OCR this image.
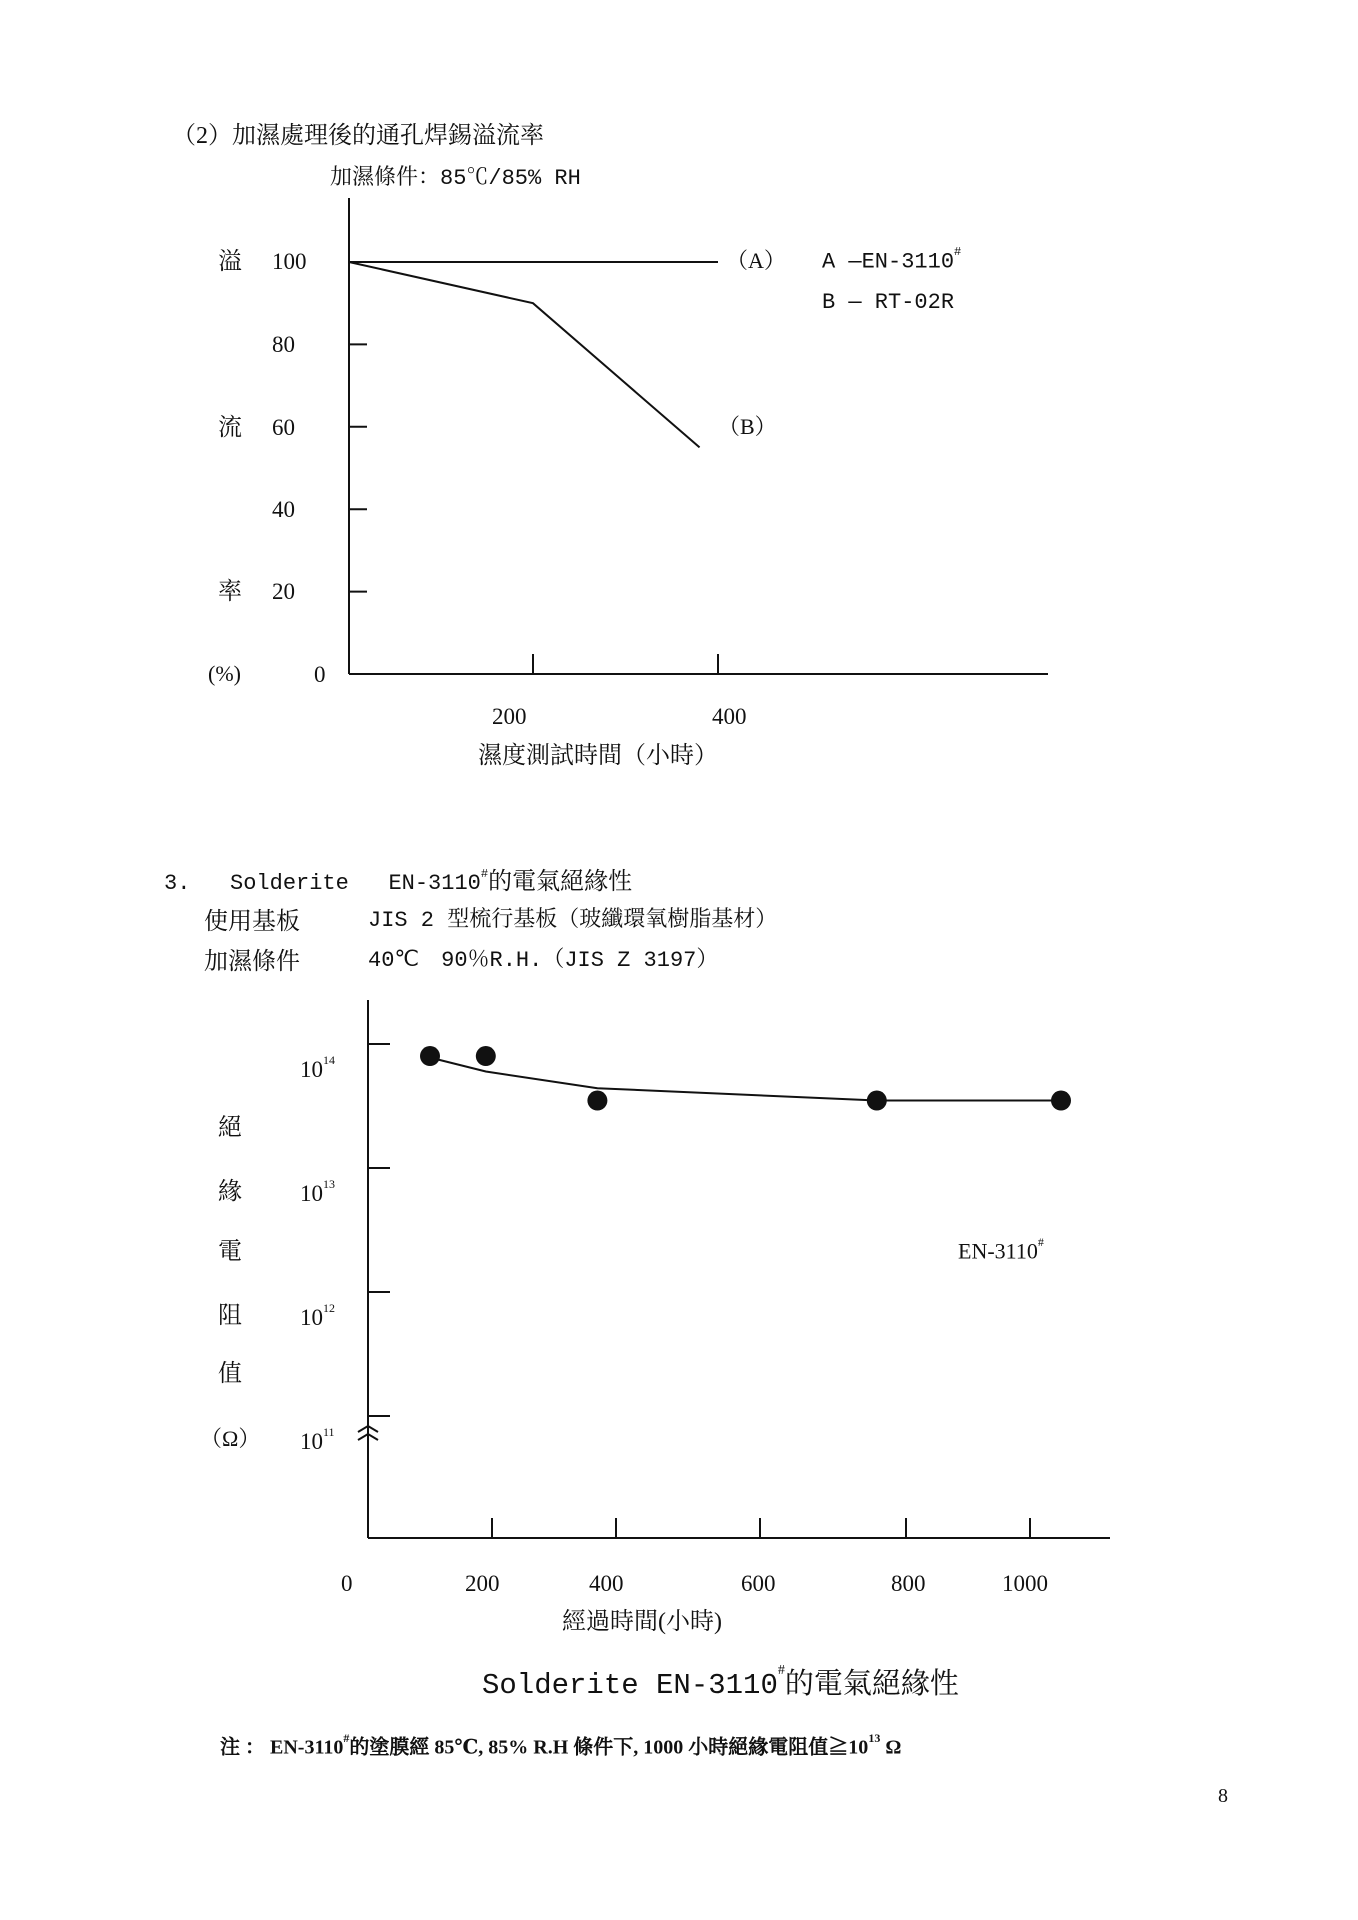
（2）加濕處理後的通孔焊錫溢流率
加濕條件：85℃/85% RH
溢
流
率
(%)
100
80
60
40
20
0
200	400
濕度測試時間（小時）
（A）
（B）
A —EN-3110#
B — RT-02R
3. Solderite EN-3110#的電氣絕緣性
使用基板	JIS 2 型梳行基板（玻纖環氧樹脂基材）
加濕條件	40℃　90％R.H.（JIS Z 3197）
絕
緣
電
阻
值
（Ω）
$10^{14}$
$10^{13}$
$10^{12}$
$10^{11}$
0	200	400	600	800	1000
經過時間(小時)
EN-3110#
Solderite EN-3110#的電氣絕緣性
注 ： EN-3110#的塗膜經 85℃, 85% R.H 條件下, 1000 小時絕緣電阻值$≧10^{13}$ Ω
8
